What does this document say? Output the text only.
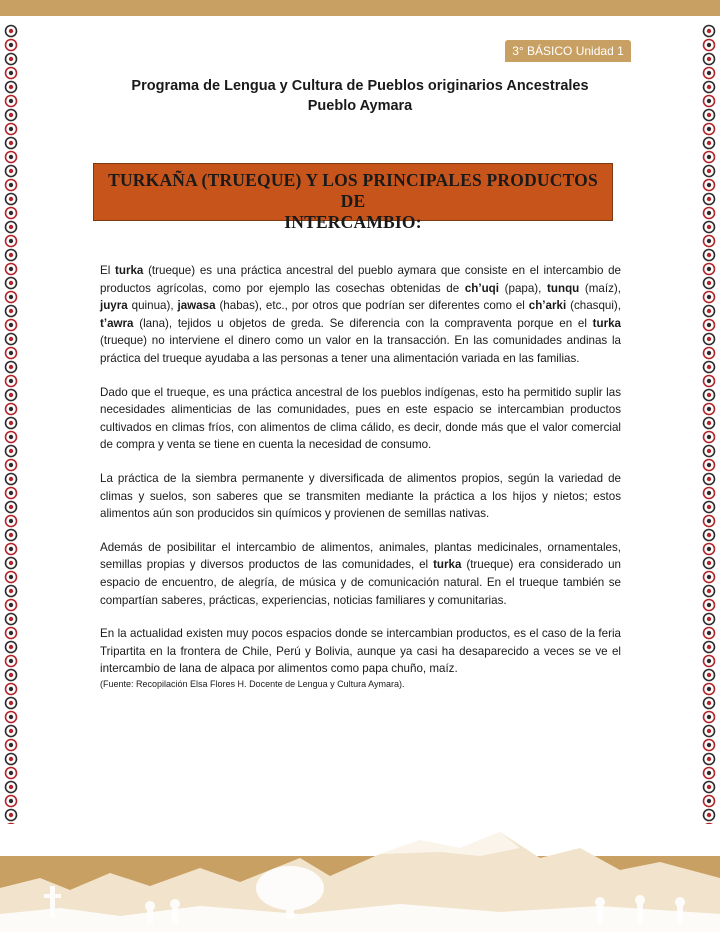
3° BÁSICO Unidad 1
Programa de Lengua y Cultura de Pueblos originarios Ancestrales
Pueblo Aymara
TURKAÑA (TRUEQUE) Y LOS PRINCIPALES PRODUCTOS DE
INTERCAMBIO:

El turka (trueque) es una práctica ancestral del pueblo aymara que consiste en el intercambio de productos agrícolas, como por ejemplo las cosechas obtenidas de ch’uqi (papa), tunqu (maíz), juyra quinua), jawasa (habas), etc., por otros que podrían ser diferentes como el ch’arki (chasqui), t’awra (lana), tejidos u objetos de greda. Se diferencia con la compraventa porque en el turka (trueque) no interviene el dinero como un valor en la transacción. En las comunidades andinas la práctica del trueque ayudaba a las personas a tener una alimentación variada en las familias.

Dado que el trueque, es una práctica ancestral de los pueblos indígenas, esto ha permitido suplir las necesidades alimenticias de las comunidades, pues en este espacio se intercambian productos cultivados en climas fríos, con alimentos de clima cálido, es decir, donde más que el valor comercial de compra y venta se tiene en cuenta la necesidad de consumo.

La práctica de la siembra permanente y diversificada de alimentos propios, según la variedad de climas y suelos, son saberes que se transmiten mediante la práctica a los hijos y nietos; estos alimentos aún son producidos sin químicos y provienen de semillas nativas.

Además de posibilitar el intercambio de alimentos, animales, plantas medicinales, ornamentales, semillas propias y diversos productos de las comunidades, el turka (trueque) era considerado un espacio de encuentro, de alegría, de música y de comunicación natural. En el trueque también se compartían saberes, prácticas, experiencias, noticias familiares y comunitarias.

En la actualidad existen muy pocos espacios donde se intercambian productos, es el caso de la feria Tripartita en la frontera de Chile, Perú y Bolivia, aunque ya casi ha desaparecido a veces se ve el intercambio de lana de alpaca por alimentos como papa chuño, maíz.

(Fuente: Recopilación Elsa Flores H. Docente de Lengua y Cultura Aymara).
